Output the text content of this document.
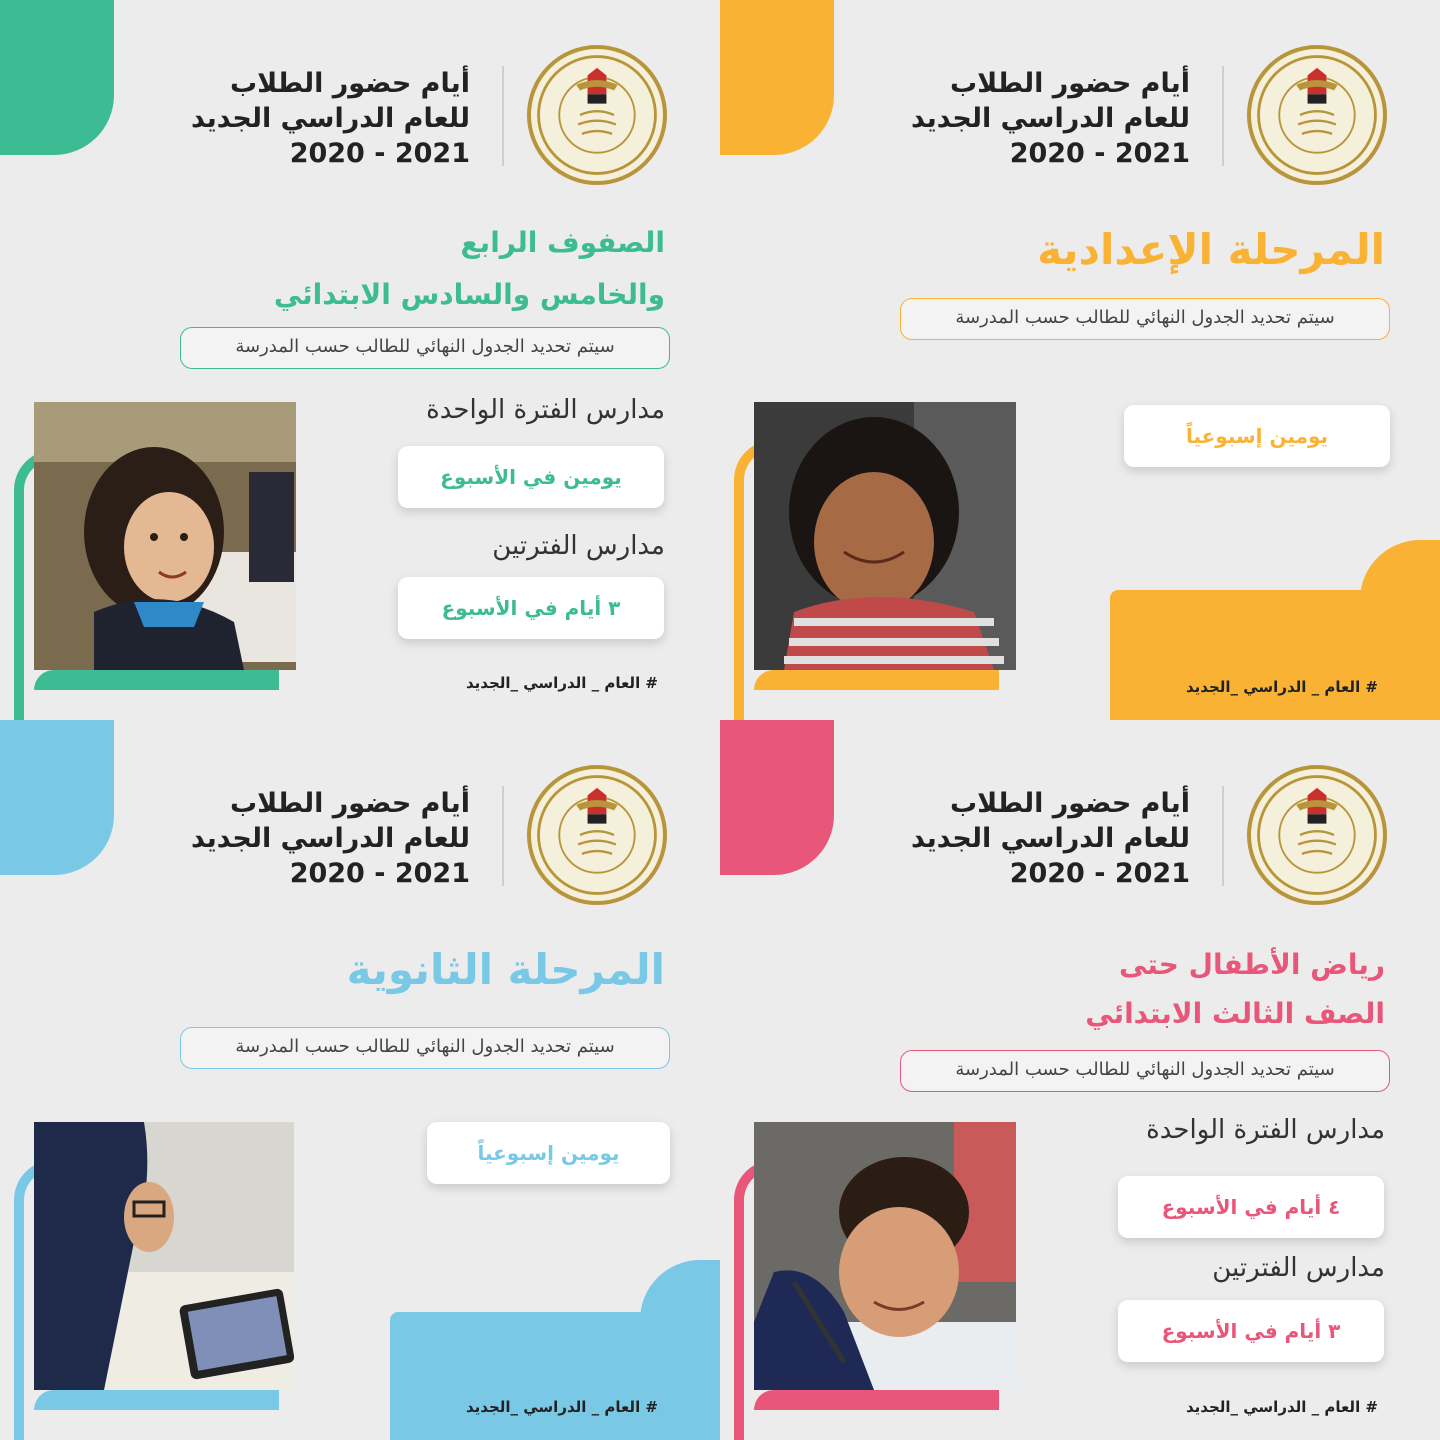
أيام حضور الطلاب
للعام الدراسي الجديد
2020 - 2021
الصفوف الرابع
والخامس والسادس الابتدائي
سيتم تحديد الجدول النهائي للطالب حسب المدرسة
مدارس الفترة الواحدة
يومين في الأسبوع
مدارس الفترتين
٣ أيام في الأسبوع
# العام _ الدراسي _الجديد
أيام حضور الطلاب
للعام الدراسي الجديد
2020 - 2021
المرحلة الإعدادية
سيتم تحديد الجدول النهائي للطالب حسب المدرسة
يومين إسبوعياً
# العام _ الدراسي _الجديد
أيام حضور الطلاب
للعام الدراسي الجديد
2020 - 2021
المرحلة الثانوية
سيتم تحديد الجدول النهائي للطالب حسب المدرسة
يومين إسبوعياً
# العام _ الدراسي _الجديد
أيام حضور الطلاب
للعام الدراسي الجديد
2020 - 2021
رياض الأطفال حتى
الصف الثالث الابتدائي
سيتم تحديد الجدول النهائي للطالب حسب المدرسة
مدارس الفترة الواحدة
٤ أيام في الأسبوع
مدارس الفترتين
٣ أيام في الأسبوع
# العام _ الدراسي _الجديد
